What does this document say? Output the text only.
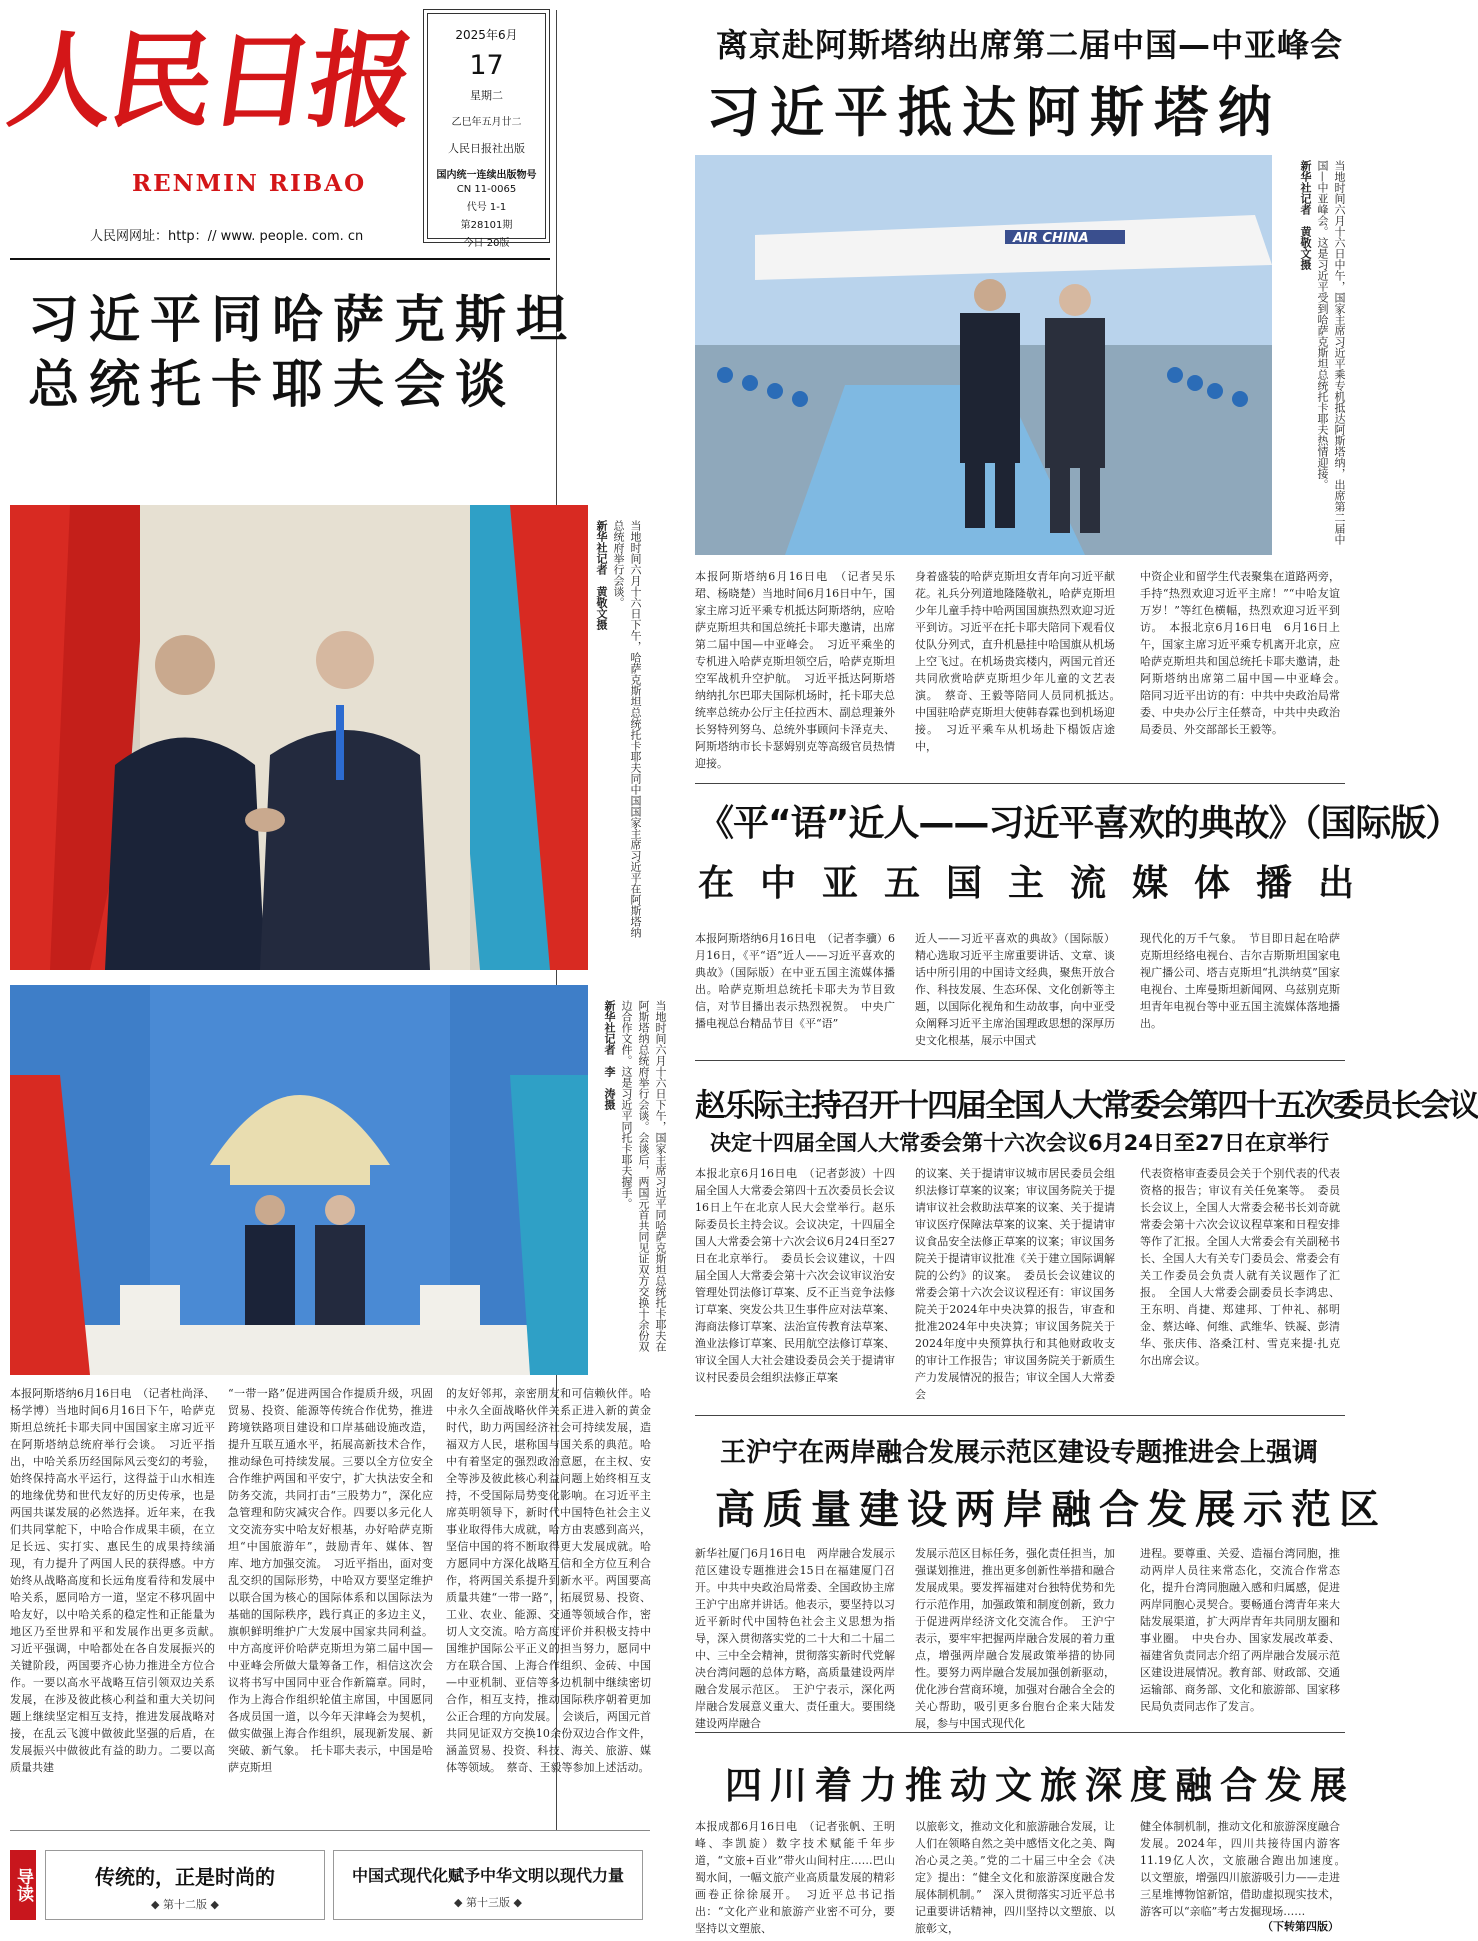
人民日报
RENMIN RIBAO
人民网网址：http：// www. people. com. cn
2025年6月
17
星期二
乙巳年五月廿二
人民日报社出版
国内统一连续出版物号
CN 11-0065
代号 1-1
第28101期
今日 20版
习近平同哈萨克斯坦
总统托卡耶夫会谈
当地时间六月十六日下午，哈萨克斯坦总统托卡耶夫同中国国家主席习近平在阿斯塔纳总统府举行会谈。
新华社记者　黄敬文摄
当地时间六月十六日下午，国家主席习近平同哈萨克斯坦总统托卡耶夫在阿斯塔纳总统府举行会谈。会谈后，两国元首共同见证双方交换十余份双边合作文件。这是习近平同托卡耶夫握手。
新华社记者　李　涛摄
本报阿斯塔纳6月16日电　（记者杜尚泽、杨学博）当地时间6月16日下午，哈萨克斯坦总统托卡耶夫同中国国家主席习近平在阿斯塔纳总统府举行会谈。　习近平指出，中哈关系历经国际风云变幻的考验，始终保持高水平运行，这得益于山水相连的地缘优势和世代友好的历史传承，也是两国共谋发展的必然选择。近年来，在我们共同掌舵下，中哈合作成果丰硕，在立足长远、实打实、惠民生的成果持续涌现，有力提升了两国人民的获得感。中方始终从战略高度和长远角度看待和发展中哈关系，愿同哈方一道，坚定不移巩固中哈友好，以中哈关系的稳定性和正能量为地区乃至世界和平和发展作出更多贡献。　习近平强调，中哈都处在各自发展振兴的关键阶段，两国要齐心协力推进全方位合作。一要以高水平战略互信引领双边关系发展，在涉及彼此核心利益和重大关切问题上继续坚定相互支持，推进发展战略对接，在乱云飞渡中做彼此坚强的后盾，在发展振兴中做彼此有益的助力。二要以高质量共建
“一带一路”促进两国合作提质升级，巩固贸易、投资、能源等传统合作优势，推进跨境铁路项目建设和口岸基础设施改造，提升互联互通水平，拓展高新技术合作，推动绿色可持续发展。三要以全方位安全合作维护两国和平安宁，扩大执法安全和防务交流，共同打击“三股势力”，深化应急管理和防灾减灾合作。四要以多元化人文交流夯实中哈友好根基，办好哈萨克斯坦“中国旅游年”，鼓励青年、媒体、智库、地方加强交流。　习近平指出，面对变乱交织的国际形势，中哈双方要坚定维护以联合国为核心的国际体系和以国际法为基础的国际秩序，践行真正的多边主义，旗帜鲜明维护广大发展中国家共同利益。中方高度评价哈萨克斯坦为第二届中国—中亚峰会所做大量筹备工作，相信这次会议将书写中国同中亚合作新篇章。同时，作为上海合作组织轮值主席国，中国愿同各成员国一道，以今年天津峰会为契机，做实做强上海合作组织，展现新发展、新突破、新气象。　托卡耶夫表示，中国是哈萨克斯坦
的友好邻邦，亲密朋友和可信赖伙伴。哈中永久全面战略伙伴关系正进入新的黄金时代，助力两国经济社会可持续发展，造福双方人民，堪称国与国关系的典范。哈中有着坚定的强烈政治意愿，在主权、安全等涉及彼此核心利益问题上始终相互支持，不受国际局势变化影响。在习近平主席英明领导下，新时代中国特色社会主义事业取得伟大成就，哈方由衷感到高兴，坚信中国的将不断取得更大发展成就。哈方愿同中方深化战略互信和全方位互利合作，将两国关系提升到新水平。两国要高质量共建“一带一路”，拓展贸易、投资、工业、农业、能源、交通等领域合作，密切人文交流。哈方高度评价并积极支持中国维护国际公平正义的担当努力，愿同中方在联合国、上海合作组织、金砖、中国—中亚机制、亚信等多边机制中继续密切合作，相互支持，推动国际秩序朝着更加公正合理的方向发展。　会谈后，两国元首共同见证双方交换10余份双边合作文件，涵盖贸易、投资、科技、海关、旅游、媒体等领域。　蔡奇、王毅等参加上述活动。
离京赴阿斯塔纳出席第二届中国—中亚峰会
习近平抵达阿斯塔纳
AIR CHINA	当地时间六月十六日中午，国家主席习近平乘专机抵达阿斯塔纳，出席第二届中国—中亚峰会。这是习近平受到哈萨克斯坦总统托卡耶夫热情迎接。
新华社记者　黄敬文摄
本报阿斯塔纳6月16日电　（记者吴乐珺、杨晓楚）当地时间6月16日中午，国家主席习近平乘专机抵达阿斯塔纳，应哈萨克斯坦共和国总统托卡耶夫邀请，出席第二届中国—中亚峰会。　习近平乘坐的专机进入哈萨克斯坦领空后，哈萨克斯坦空军战机升空护航。　习近平抵达阿斯塔纳纳扎尔巴耶夫国际机场时，托卡耶夫总统率总统办公厅主任拉西木、副总理兼外长努特列努乌、总统外事顾问卡泽克夫、阿斯塔纳市长卡瑟姆别克等高级官员热情迎接。
身着盛装的哈萨克斯坦女青年向习近平献花。礼兵分列道地隆隆敬礼，哈萨克斯坦少年儿童手持中哈两国国旗热烈欢迎习近平到访。习近平在托卡耶夫陪同下观看仪仗队分列式，直升机悬挂中哈国旗从机场上空飞过。在机场贵宾楼内，两国元首还共同欣赏哈萨克斯坦少年儿童的文艺表演。　蔡奇、王毅等陪同人员同机抵达。　中国驻哈萨克斯坦大使韩春霖也到机场迎接。　习近平乘车从机场赴下榻饭店途中，
中资企业和留学生代表聚集在道路两旁，手持“热烈欢迎习近平主席！”“中哈友谊万岁！”等红色横幅，热烈欢迎习近平到访。　本报北京6月16日电　6月16日上午，国家主席习近平乘专机离开北京，应哈萨克斯坦共和国总统托卡耶夫邀请，赴阿斯塔纳出席第二届中国—中亚峰会。　陪同习近平出访的有：中共中央政治局常委、中央办公厅主任蔡奇，中共中央政治局委员、外交部部长王毅等。
《平“语”近人——习近平喜欢的典故》（国际版）
在中亚五国主流媒体播出
本报阿斯塔纳6月16日电　（记者李骥）6月16日，《平“语”近人——习近平喜欢的典故》（国际版）在中亚五国主流媒体播出。哈萨克斯坦总统托卡耶夫为节目致信，对节目播出表示热烈祝贺。　中央广播电视总台精品节目《平“语”
近人——习近平喜欢的典故》（国际版）精心选取习近平主席重要讲话、文章、谈话中所引用的中国诗文经典，聚焦开放合作、科技发展、生态环保、文化创新等主题，以国际化视角和生动故事，向中亚受众阐释习近平主席治国理政思想的深厚历史文化根基，展示中国式
现代化的万千气象。　节目即日起在哈萨克斯坦经络电视台、吉尔吉斯斯坦国家电视广播公司、塔吉克斯坦“扎洪纳莫”国家电视台、土库曼斯坦新闻网、乌兹别克斯坦青年电视台等中亚五国主流媒体落地播出。
赵乐际主持召开十四届全国人大常委会第四十五次委员长会议
决定十四届全国人大常委会第十六次会议6月24日至27日在京举行
本报北京6月16日电　（记者彭波）十四届全国人大常委会第四十五次委员长会议16日上午在北京人民大会堂举行。赵乐际委员长主持会议。会议决定，十四届全国人大常委会第十六次会议6月24日至27日在北京举行。　委员长会议建议，十四届全国人大常委会第十六次会议审议治安管理处罚法修订草案、反不正当竞争法修订草案、突发公共卫生事件应对法草案、海商法修订草案、法治宣传教育法草案、渔业法修订草案、民用航空法修订草案、审议全国人大社会建设委员会关于提请审议村民委员会组织法修正草案
的议案、关于提请审议城市居民委员会组织法修订草案的议案；审议国务院关于提请审议社会救助法草案的议案、关于提请审议医疗保障法草案的议案、关于提请审议食品安全法修正草案的议案；审议国务院关于提请审议批准《关于建立国际调解院的公约》的议案。　委员长会议建议的常委会第十六次会议议程还有：审议国务院关于2024年中央决算的报告，审查和批准2024年中央决算；审议国务院关于2024年度中央预算执行和其他财政收支的审计工作报告；审议国务院关于新质生产力发展情况的报告；审议全国人大常委会
代表资格审查委员会关于个别代表的代表资格的报告；审议有关任免案等。　委员长会议上，全国人大常委会秘书长刘奇就常委会第十六次会议议程草案和日程安排等作了汇报。全国人大常委会有关副秘书长、全国人大有关专门委员会、常委会有关工作委员会负责人就有关议题作了汇报。　全国人大常委会副委员长李鸿忠、王东明、肖捷、郑建邦、丁仲礼、郝明金、蔡达峰、何维、武维华、铁凝、彭清华、张庆伟、洛桑江村、雪克来提·扎克尔出席会议。
王沪宁在两岸融合发展示范区建设专题推进会上强调
高质量建设两岸融合发展示范区
新华社厦门6月16日电　两岸融合发展示范区建设专题推进会15日在福建厦门召开。中共中央政治局常委、全国政协主席王沪宁出席并讲话。他表示，要坚持以习近平新时代中国特色社会主义思想为指导，深入贯彻落实党的二十大和二十届二中、三中全会精神，贯彻落实新时代党解决台湾问题的总体方略，高质量建设两岸融合发展示范区。　王沪宁表示，深化两岸融合发展意义重大、责任重大。要围绕建设两岸融合
发展示范区目标任务，强化责任担当，加强谋划推进，推出更多创新性举措和融合发展成果。要发挥福建对台独特优势和先行示范作用，加强政策和制度创新，致力于促进两岸经济文化交流合作。　王沪宁表示，要牢牢把握两岸融合发展的着力重点，增强两岸融合发展政策举措的协同性。要努力两岸融合发展加强创新驱动，优化涉台营商环境，加强对台融合全会的关心帮助，吸引更多台胞台企来大陆发展，参与中国式现代化
进程。要尊重、关爱、造福台湾同胞，推动两岸人员往来常态化，交流合作常态化，提升台湾同胞融入感和归属感，促进两岸同胞心灵契合。要畅通台湾青年来大陆发展渠道，扩大两岸青年共同朋友圈和事业圈。　中央台办、国家发展改革委、福建省负责同志介绍了两岸融合发展示范区建设进展情况。教育部、财政部、交通运输部、商务部、文化和旅游部、国家移民局负责同志作了发言。
四川着力推动文旅深度融合发展
本报成都6月16日电　（记者张帆、王明峰、李凯旋）数字技术赋能千年步道，“文旅+百业”带火山间村庄……巴山蜀水间，一幅文旅产业高质量发展的精彩画卷正徐徐展开。　习近平总书记指出：“文化产业和旅游产业密不可分，要坚持以文塑旅、
以旅彰文，推动文化和旅游融合发展，让人们在领略自然之美中感悟文化之美、陶冶心灵之美。”党的二十届三中全会《决定》提出：“健全文化和旅游深度融合发展体制机制。”　深入贯彻落实习近平总书记重要讲话精神，四川坚持以文塑旅、以旅彰文，
健全体制机制，推动文化和旅游深度融合发展。2024年，四川共接待国内游客11.19亿人次，文旅融合跑出加速度。　以文塑旅，增强四川旅游吸引力——走进三星堆博物馆新馆，借助虚拟现实技术，游客可以“亲临”考古发掘现场……
（下转第四版）
导读	传统的，正是时尚的
◆ 第十二版 ◆
中国式现代化赋予中华文明以现代力量
◆ 第十三版 ◆
